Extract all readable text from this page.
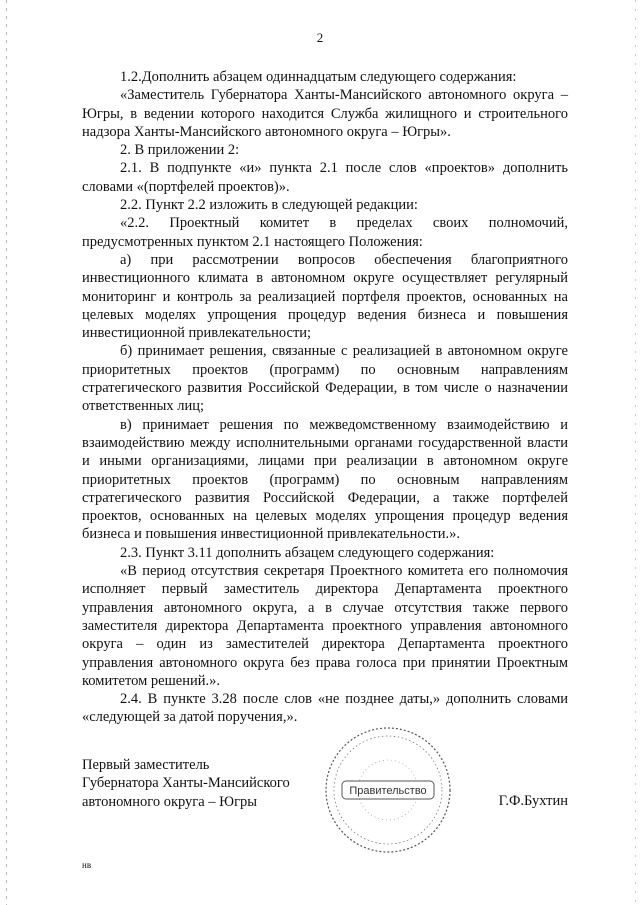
2

1.2.Дополнить абзацем одиннадцатым следующего содержания:

«Заместитель Губернатора Ханты-Мансийского автономного округа – Югры, в ведении которого находится Служба жилищного и строительного надзора Ханты-Мансийского автономного округа – Югры».

2. В приложении 2:

2.1. В подпункте «и» пункта 2.1 после слов «проектов» дополнить словами «(портфелей проектов)».

2.2. Пункт 2.2 изложить в следующей редакции:

«2.2. Проектный комитет в пределах своих полномочий, предусмотренных пунктом 2.1 настоящего Положения:

а) при рассмотрении вопросов обеспечения благоприятного инвестиционного климата в автономном округе осуществляет регулярный мониторинг и контроль за реализацией портфеля проектов, основанных на целевых моделях упрощения процедур ведения бизнеса и повышения инвестиционной привлекательности;

б) принимает решения, связанные с реализацией в автономном округе приоритетных проектов (программ) по основным направлениям стратегического развития Российской Федерации, в том числе о назначении ответственных лиц;

в) принимает решения по межведомственному взаимодействию и взаимодействию между исполнительными органами государственной власти и иными организациями, лицами при реализации в автономном округе приоритетных проектов (программ) по основным направлениям стратегического развития Российской Федерации, а также портфелей проектов, основанных на целевых моделях упрощения процедур ведения бизнеса и повышения инвестиционной привлекательности.».

2.3. Пункт 3.11 дополнить абзацем следующего содержания:

«В период отсутствия секретаря Проектного комитета его полномочия исполняет первый заместитель директора Департамента проектного управления автономного округа, а в случае отсутствия также первого заместителя директора Департамента проектного управления автономного округа – один из заместителей директора Департамента проектного управления автономного округа без права голоса при принятии Проектным комитетом решений.».

2.4. В пункте 3.28 после слов «не позднее даты,» дополнить словами «следующей за датой поручения,».

Первый заместитель
Губернатора Ханты-Мансийского
автономного округа – Югры	Г.Ф.Бухтин
Правительство
нв
